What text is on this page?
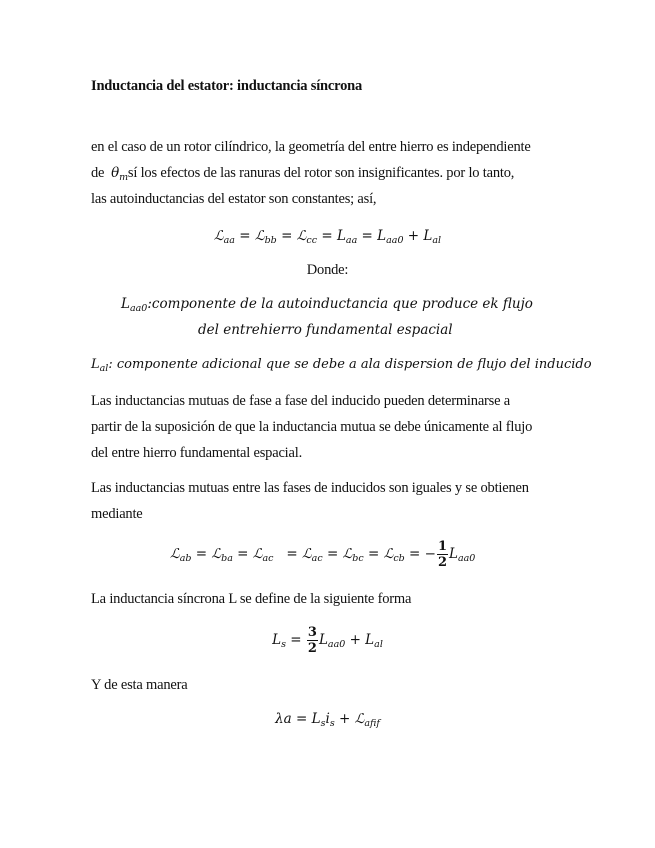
Inductancia del estator: inductancia síncrona
en el caso de un rotor cilíndrico, la geometría del entre hierro es independiente
de $\theta_msí$ los efectos de las ranuras del rotor son insignificantes. por lo tanto,
las autoinductancias del estator son constantes; así,
ℒ$_{aa}$ = ℒ$_{bb}$ = ℒ$_{cc}$ = $L_{aa} = L_{aa0} + L_{al}$
Donde:
$L_{aa0}:componente$ de la autoinductancia que produce ek flujo
del entrehierro fundamental espacial
$L_{al}$: componente adicional que se debe a ala dispersion de flujo del inducido
Las inductancias mutuas de fase a fase del inducido pueden determinarse a
partir de la suposición de que la inductancia mutua se debe únicamente al flujo
del entre hierro fundamental espacial.
Las inductancias mutuas entre las fases de inducidos son iguales y se obtienen
mediante
ℒ$_{ab}$ = ℒ$_{ba}$ = ℒ$_{ac}$ = ℒ$_{ac}$ = ℒ$_{bc}$ = ℒ$_{cb}$ = − $\frac{1}{2} L_{aa0}$
La inductancia síncrona L se define de la siguiente forma
$L_s = \frac{3}{2} L_{aa0} + L_{al}$
Y de esta manera
$\lambda a = L_si_s$ + ℒ$_{afif}$
